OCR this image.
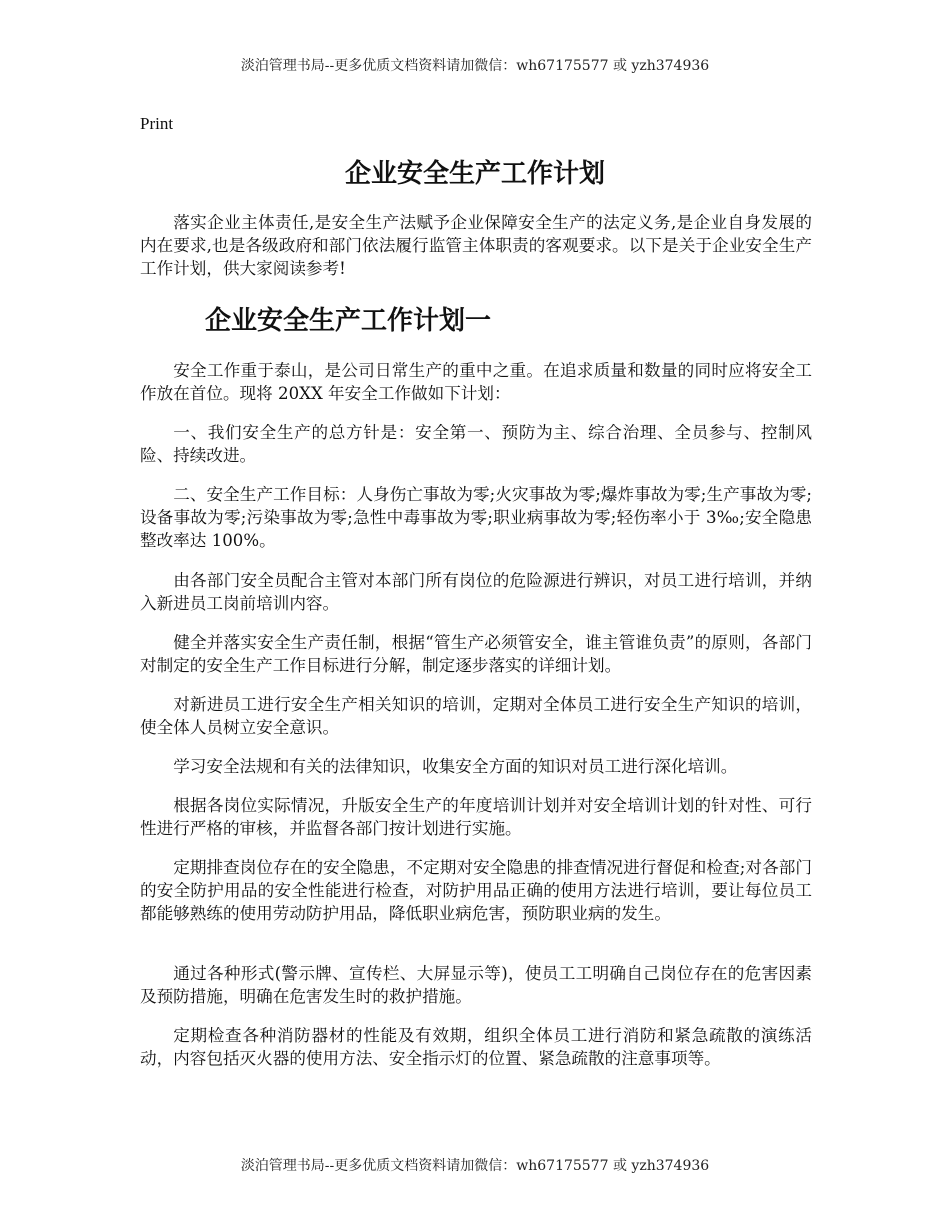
淡泊管理书局--更多优质文档资料请加微信：wh67175577 或 yzh374936
Print
企业安全生产工作计划

落实企业主体责任,是安全生产法赋予企业保障安全生产的法定义务,是企业自身发展的内在要求,也是各级政府和部门依法履行监管主体职责的客观要求。以下是关于企业安全生产 工作计划，供大家阅读参考!

企业安全生产工作计划一

安全工作重于泰山，是公司日常生产的重中之重。在追求质量和数量的同时应将安全工作放在首位。现将 20XX 年安全工作做如下计划：

一、我们安全生产的总方针是：安全第一、预防为主、综合治理、全员参与、控制风险、持续改进。

二、安全生产工作目标：人身伤亡事故为零;火灾事故为零;爆炸事故为零;生产事故为零;设备事故为零;污染事故为零;急性中毒事故为零;职业病事故为零;轻伤率小于 3‰;安全隐患整改率达 100%。

由各部门安全员配合主管对本部门所有岗位的危险源进行辨识，对员工进行培训，并纳入新进员工岗前培训内容。

健全并落实安全生产责任制，根据“管生产必须管安全，谁主管谁负责”的原则，各部门对制定的安全生产工作目标进行分解，制定逐步落实的详细计划。

对新进员工进行安全生产相关知识的培训，定期对全体员工进行安全生产知识的培训，使全体人员树立安全意识。

学习安全法规和有关的法律知识，收集安全方面的知识对员工进行深化培训。

根据各岗位实际情况，升版安全生产的年度培训计划并对安全培训计划的针对性、可行性进行严格的审核，并监督各部门按计划进行实施。

定期排查岗位存在的安全隐患，不定期对安全隐患的排查情况进行督促和检查;对各部门的安全防护用品的安全性能进行检查，对防护用品正确的使用方法进行培训，要让每位员工都能够熟练的使用劳动防护用品，降低职业病危害，预防职业病的发生。

通过各种形式(警示牌、宣传栏、大屏显示等)，使员工工明确自己岗位存在的危害因素及预防措施，明确在危害发生时的救护措施。

定期检查各种消防器材的性能及有效期，组织全体员工进行消防和紧急疏散的演练活动，内容包括灭火器的使用方法、安全指示灯的位置、紧急疏散的注意事项等。

淡泊管理书局--更多优质文档资料请加微信：wh67175577 或 yzh374936
